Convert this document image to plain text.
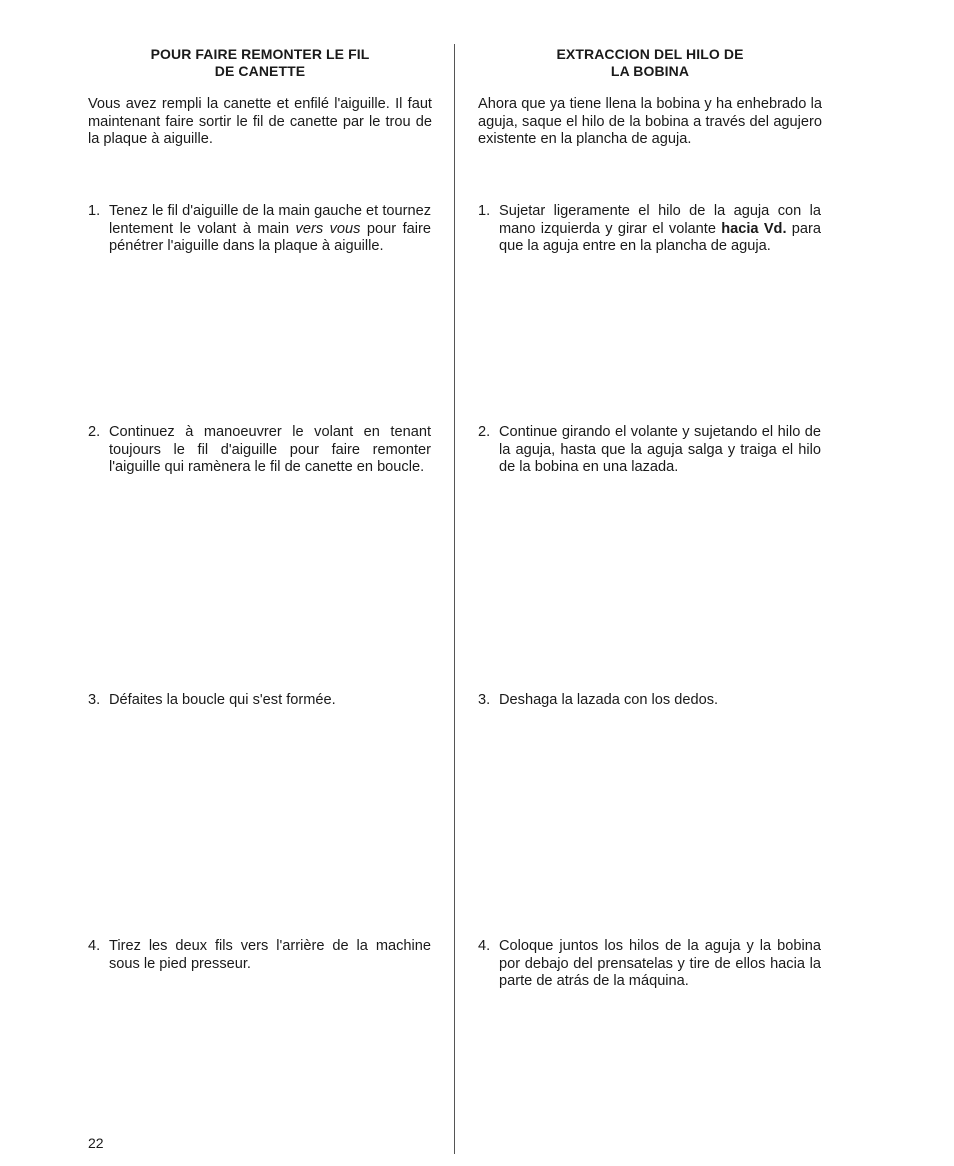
POUR FAIRE REMONTER LE FIL
DE CANETTE

Vous avez rempli la canette et enfilé l'aiguille. Il faut maintenant faire sortir le fil de canette par le trou de la plaque à aiguille.

1. Tenez le fil d'aiguille de la main gauche et tournez lentement le volant à main vers vous pour faire pénétrer l'aiguille dans la plaque à aiguille.
2. Continuez à manoeuvrer le volant en tenant toujours le fil d'aiguille pour faire remonter l'aiguille qui ramènera le fil de canette en boucle.
3. Défaites la boucle qui s'est formée.
4. Tirez les deux fils vers l'arrière de la machine sous le pied presseur.
EXTRACCION DEL HILO DE
LA BOBINA

Ahora que ya tiene llena la bobina y ha enhebrado la aguja, saque el hilo de la bobina a través del agujero existente en la plancha de aguja.

1. Sujetar ligeramente el hilo de la aguja con la mano izquierda y girar el volante hacia Vd. para que la aguja entre en la plancha de aguja.
2. Continue girando el volante y sujetando el hilo de la aguja, hasta que la aguja salga y traiga el hilo de la bobina en una lazada.
3. Deshaga la lazada con los dedos.
4. Coloque juntos los hilos de la aguja y la bobina por debajo del prensatelas y tire de ellos hacia la parte de atrás de la máquina.
22
